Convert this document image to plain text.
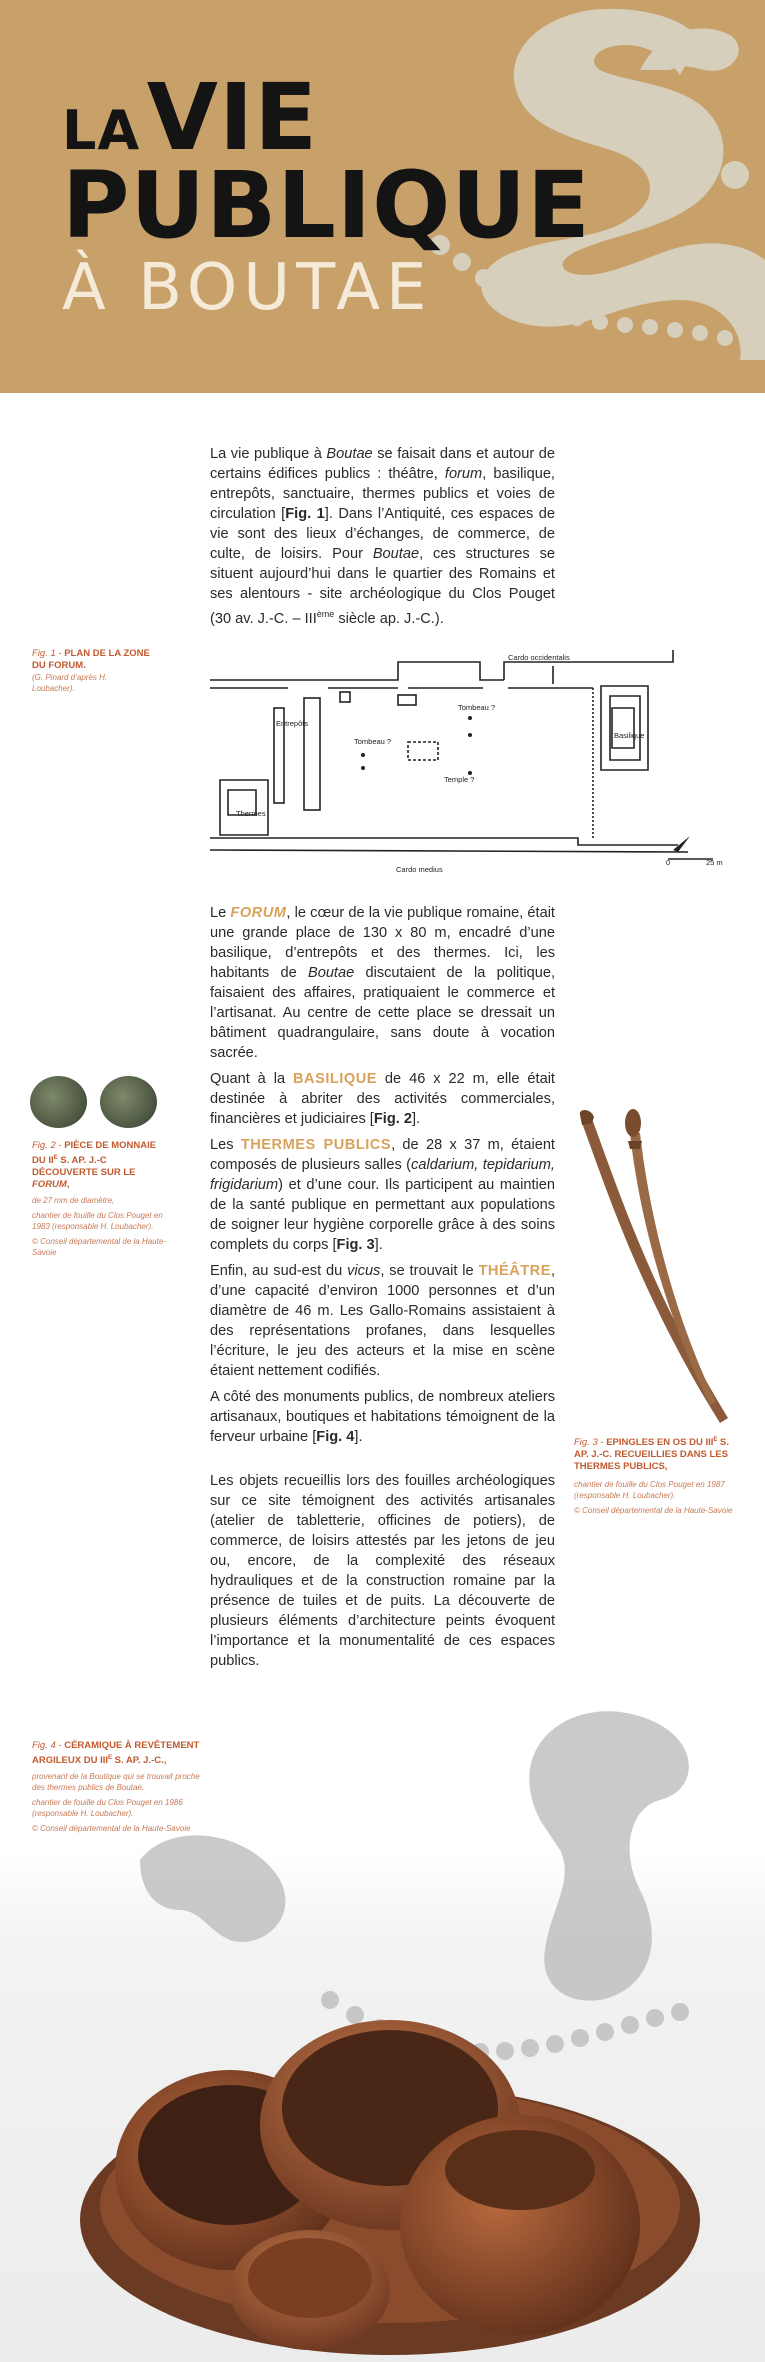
LA VIE
PUBLIQUE
À BOUTAE

La vie publique à Boutae se faisait dans et autour de certains édifices publics : théâtre, forum, basilique, entrepôts, sanctuaire, thermes publics et voies de circulation [Fig. 1]. Dans l’Antiquité, ces espaces de vie sont des lieux d’échanges, de commerce, de culte, de loisirs. Pour Boutae, ces structures se situent aujourd’hui dans le quartier des Romains et ses alentours - site archéologique du Clos Pouget (30 av. J.-C. – IIIème siècle ap. J.-C.).

Fig. 1 - PLAN DE LA ZONE DU FORUM.
(G. Pinard d’après H. Loubacher).
Cardo occidentalis
Cardo medius
Entrepôts
Thermes
Tombeau ?
Tombeau ?
Temple ?
Basilique
0	25 m

Le FORUM, le cœur de la vie publique romaine, était une grande place de 130 x 80 m, encadré d’une basilique, d’entrepôts et des thermes. Ici, les habitants de Boutae discutaient de la politique, faisaient des affaires, pratiquaient le commerce et l’artisanat. Au centre de cette place se dressait un bâtiment quadrangulaire, sans doute à vocation sacrée.

Quant à la BASILIQUE de 46 x 22 m, elle était destinée à abriter des activités commerciales, financières et judiciaires [Fig. 2].

Les THERMES PUBLICS, de 28 x 37 m, étaient composés de plusieurs salles (caldarium, tepidarium, frigidarium) et d’une cour. Ils participent au maintien de la santé publique en permettant aux populations de soigner leur hygiène corporelle grâce à des soins complets du corps [Fig. 3].

Enfin, au sud-est du vicus, se trouvait le THÉÂTRE, d’une capacité d’environ 1000 personnes et d’un diamètre de 46 m. Les Gallo-Romains assistaient à des représentations profanes, dans lesquelles l’écriture, le jeu des acteurs et la mise en scène étaient nettement codifiés.

A côté des monuments publics, de nombreux ateliers artisanaux, boutiques et habitations témoignent de la ferveur urbaine [Fig. 4].

Les objets recueillis lors des fouilles archéologiques sur ce site témoignent des activités artisanales (atelier de tabletterie, officines de potiers), de commerce, de loisirs attestés par les jetons de jeu ou, encore, de la complexité des réseaux hydrauliques et de la construction romaine par la présence de tuiles et de puits. La découverte de plusieurs éléments d’architecture peints évoquent l’importance et la monumentalité de ces espaces publics.

Fig. 2 - PIÈCE DE MONNAIE DU $II^E$ S. AP. J.-C DÉCOUVERTE SUR LE FORUM,
de 27 mm de diamètre,
chantier de fouille du Clos Pouget en 1983 (responsable H. Loubacher).
© Conseil départemental de la Haute-Savoie
Fig. 3 - EPINGLES EN OS DU $III^E$ S. AP. J.-C. RECUEILLIES DANS LES THERMES PUBLICS,
chantier de fouille du Clos Pouget en 1987 (responsable H. Loubacher).
© Conseil départemental de la Haute-Savoie
Fig. 4 - CÉRAMIQUE À REVÊTEMENT ARGILEUX DU $III^E$ S. AP. J.-C.,
provenant de la Boutique qui se trouvait proche des thermes publics de Boutae,
chantier de fouille du Clos Pouget en 1986 (responsable H. Loubacher).
© Conseil départemental de la Haute-Savoie
